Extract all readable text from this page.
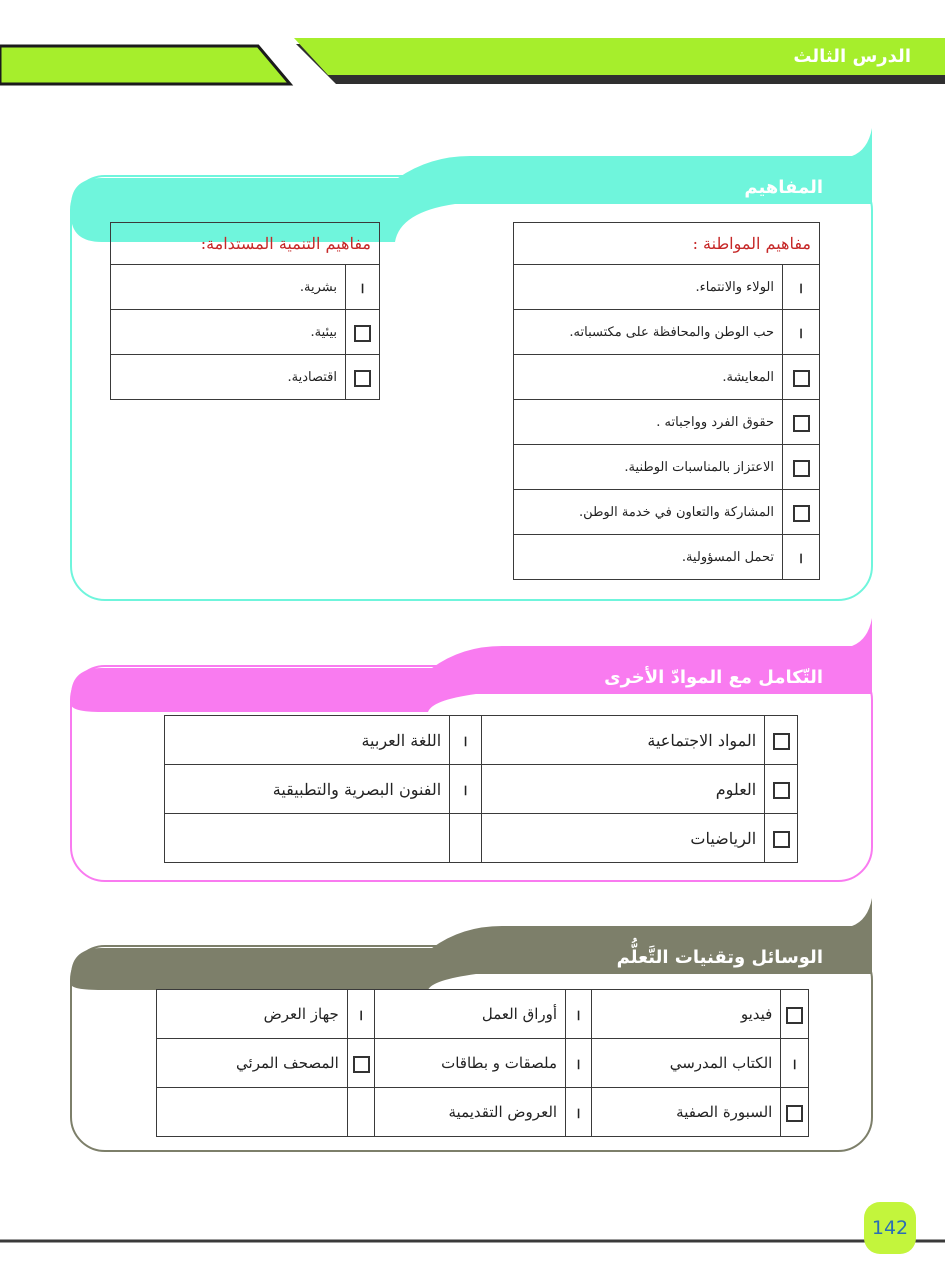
الدرس الثالث
المفاهيم
التّكامل مع الموادّ الأخرى
الوسائل وتقنيات التَّعلُّم
مفاهيم المواطنة :	
ا	الولاء والانتماء.
ا	حب الوطن والمحافظة على مكتسباته.
	المعايشة.
	حقوق الفرد وواجباته .
	الاعتزاز بالمناسبات الوطنية.
	المشاركة والتعاون في خدمة الوطن.
ا	تحمل المسؤولية.
مفاهيم التنمية المستدامة:	
ا	بشرية.
	بيئية.
	اقتصادية.
	المواد الاجتماعية	ا	اللغة العربية
	العلوم	ا	الفنون البصرية والتطبيقية
	الرياضيات		
	فيديو	ا	أوراق العمل	ا	جهاز العرض
ا	الكتاب المدرسي	ا	ملصقات و بطاقات		المصحف المرئي
	السبورة الصفية	ا	العروض التقديمية		
142
